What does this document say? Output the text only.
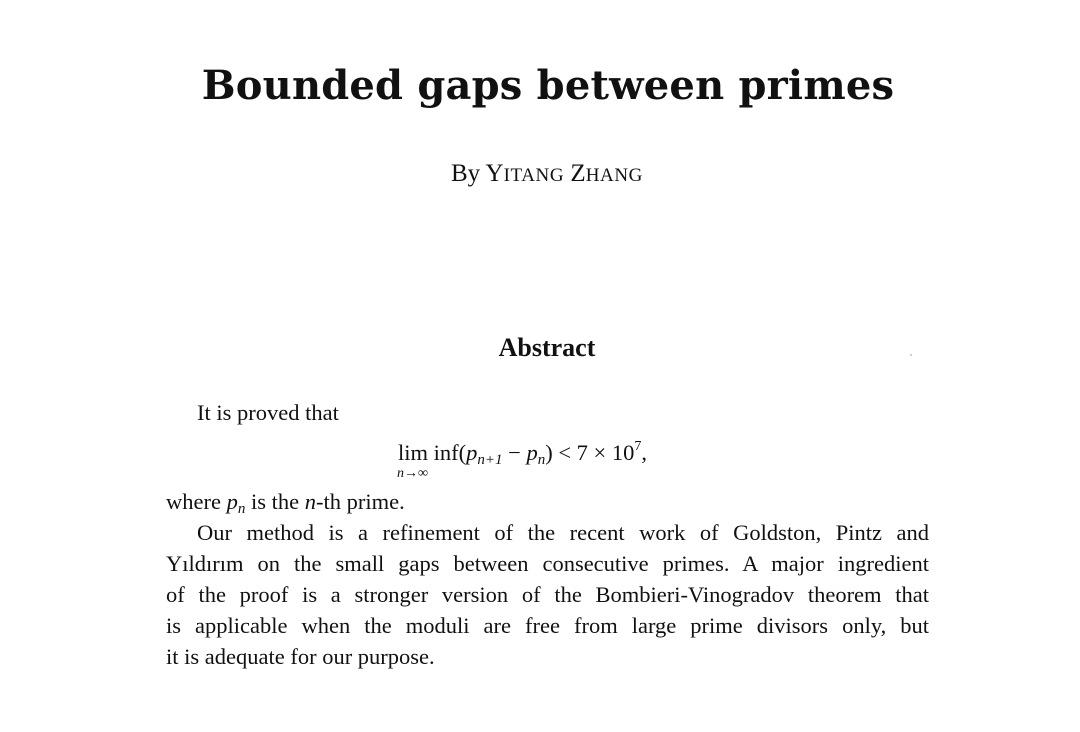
Bounded gaps between primes
By YITANG ZHANG
Abstract
It is proved that
$\lim inf(p_{n+1} - p_n) < 7 \times 10^7$,
n→∞
where $p_n$ is the n-th prime.
Our method is a refinement of the recent work of Goldston, Pintz and
Yıldırım on the small gaps between consecutive primes. A major ingredient
of the proof is a stronger version of the Bombieri-Vinogradov theorem that
is applicable when the moduli are free from large prime divisors only, but
it is adequate for our purpose.
